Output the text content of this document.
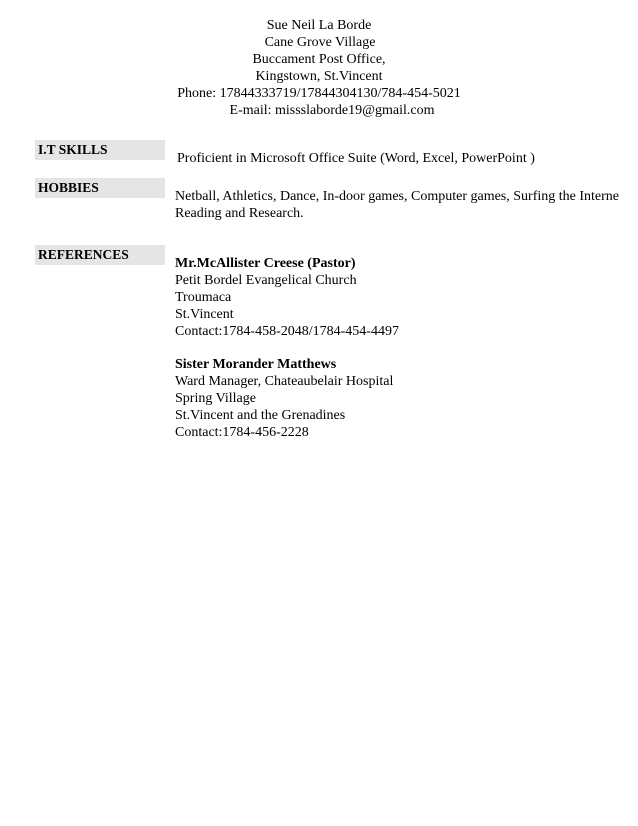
Sue Neil La Borde
Cane Grove Village
Buccament Post Office,
Kingstown, St.Vincent
Phone: 17844333719/17844304130/784-454-5021
E-mail: missslaborde19@gmail.com
I.T SKILLS
Proficient in Microsoft Office Suite (Word, Excel, PowerPoint )
HOBBIES
Netball, Athletics, Dance, In-door games, Computer games, Surfing the Interne
Reading and Research.
REFERENCES
Mr.McAllister Creese (Pastor)
Petit Bordel Evangelical Church
Troumaca
St.Vincent
Contact:1784-458-2048/1784-454-4497
Sister Morander Matthews
Ward Manager, Chateaubelair Hospital
Spring Village
St.Vincent and the Grenadines
Contact:1784-456-2228
